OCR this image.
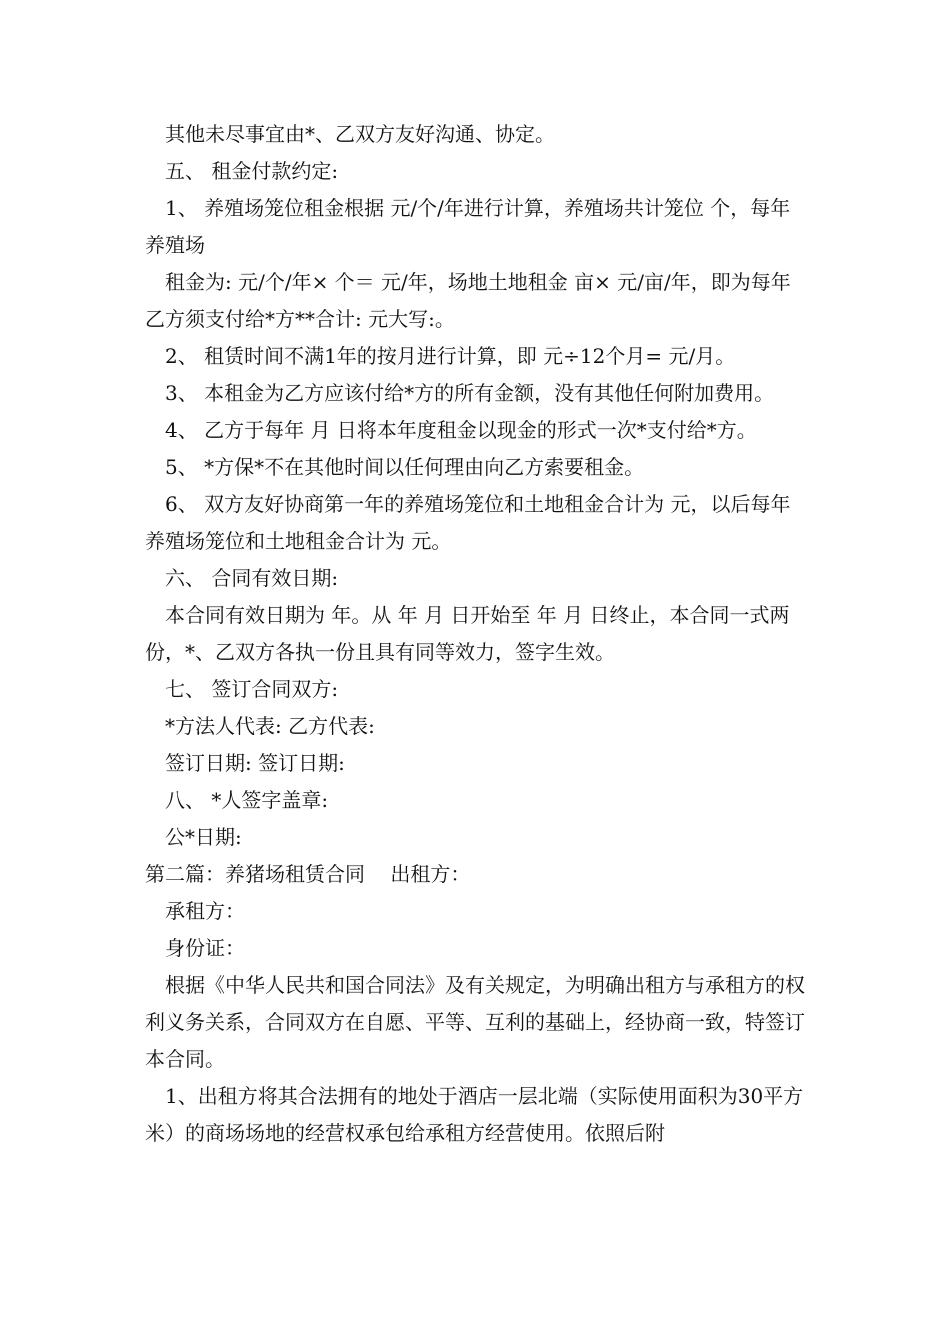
其他未尽事宜由*、乙双方友好沟通、协定。

五、 租金付款约定:

1、 养殖场笼位租金根据 元/个/年进行计算，养殖场共计笼位 个，每年养殖场

租金为: 元/个/年× 个＝ 元/年，场地土地租金 亩× 元/亩/年，即为每年乙方须支付给*方**合计: 元大写:。

2、 租赁时间不满1年的按月进行计算，即 元÷12个月= 元/月。

3、 本租金为乙方应该付给*方的所有金额，没有其他任何附加费用。

4、 乙方于每年 月 日将本年度租金以现金的形式一次*支付给*方。

5、 *方保*不在其他时间以任何理由向乙方索要租金。

6、 双方友好协商第一年的养殖场笼位和土地租金合计为 元，以后每年养殖场笼位和土地租金合计为 元。

六、 合同有效日期:

本合同有效日期为 年。从 年 月 日开始至 年 月 日终止，本合同一式两份，*、乙双方各执一份且具有同等效力，签字生效。

七、 签订合同双方:

*方法人代表: 乙方代表:

签订日期: 签订日期:

八、 *人签字盖章:

公*日期:

第二篇：养猪场租赁合同    出租方：

承租方：

身份证：

根据《中华人民共和国合同法》及有关规定，为明确出租方与承租方的权利义务关系，合同双方在自愿、平等、互利的基础上，经协商一致，特签订本合同。

1、出租方将其合法拥有的地处于酒店一层北端（实际使用面积为30平方米）的商场场地的经营权承包给承租方经营使用。依照后附
